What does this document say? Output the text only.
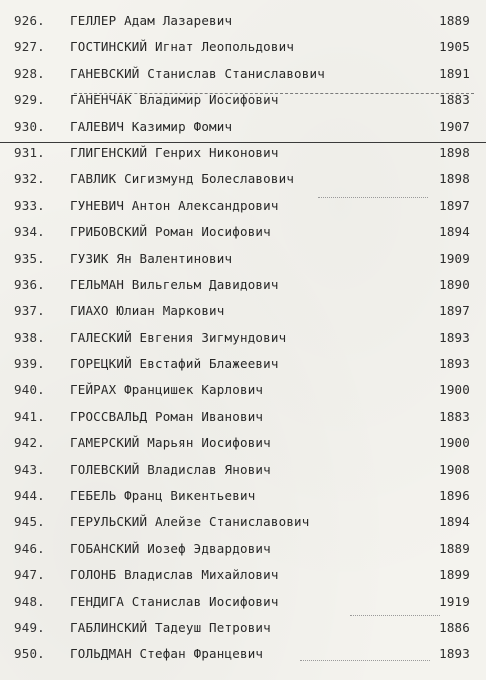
926.	ГЕЛЛЕР Адам Лазаревич	1889
927.	ГОСТИНСКИЙ Игнат Леопольдович	1905
928.	ГАНЕВСКИЙ Станислав Станиславович	1891
929.	ГАНЕНЧАК Владимир Иосифович	1883
930.	ГАЛЕВИЧ Казимир Фомич	1907
931.	ГЛИГЕНСКИЙ Генрих Никонович	1898
932.	ГАВЛИК Сигизмунд Болеславович	1898
933.	ГУНЕВИЧ Антон Александрович	1897
934.	ГРИБОВСКИЙ Роман Иосифович	1894
935.	ГУЗИК Ян Валентинович	1909
936.	ГЕЛЬМАН Вильгельм Давидович	1890
937.	ГИАХО Юлиан Маркович	1897
938.	ГАЛЕСКИЙ Евгения Зигмундович	1893
939.	ГОРЕЦКИЙ Евстафий Блажеевич	1893
940.	ГЕЙРАХ Францишек Карлович	1900
941.	ГРОССВАЛЬД Роман Иванович	1883
942.	ГАМЕРСКИЙ Марьян Иосифович	1900
943.	ГОЛЕВСКИЙ Владислав Янович	1908
944.	ГЕБЕЛЬ Франц Викентьевич	1896
945.	ГЕРУЛЬСКИЙ Алейзе Станиславович	1894
946.	ГОБАНСКИЙ Иозеф Эдвардович	1889
947.	ГОЛОНБ Владислав Михайлович	1899
948.	ГЕНДИГА Станислав Иосифович	1919
949.	ГАБЛИНСКИЙ Тадеуш Петрович	1886
950.	ГОЛЬДМАН Стефан Францевич	1893
